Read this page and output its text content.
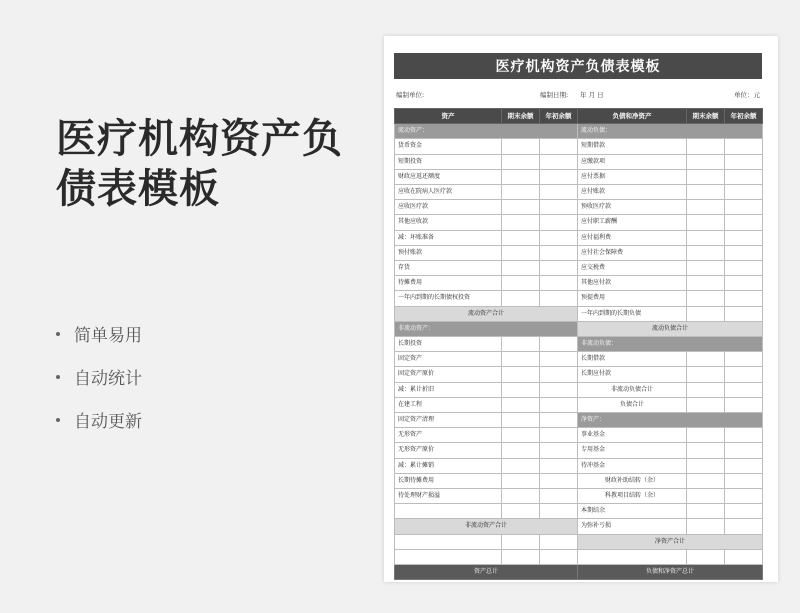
医疗机构资产负债表模板
简单易用
自动统计
自动更新
医疗机构资产负债表模板
编制单位:	编制日期: 年 月 日	单位：元
资产	期末余额	年初余额	负债和净资产	期末余额	年初余额
流动资产：			流动负债：		
货币资金			短期借款		
短期投资			应缴款项		
财政应返还额度			应付票据		
应收在院病人医疗款			应付账款		
应收医疗款			预收医疗款		
其他应收款			应付职工薪酬		
减：坏账准备			应付福利费		
预付账款			应付社会保障费		
存货			应交税费		
待摊费用			其他应付款		
一年内到期的长期债权投资			预提费用		
流动资产合计			一年内到期的长期负债		
非流动资产：			流动负债合计		
长期投资			非流动负债：		
固定资产			长期借款		
固定资产原价			长期应付款		
减：累计折旧			非流动负债合计		
在建工程			负债合计		
固定资产清理			净资产：		
无形资产			事业基金		
无形资产原价			专用基金		
减：累计摊销			待冲基金		
长期待摊费用			财政补助结转（余）		
待处理财产损溢			科教项目结转（余）		
			本期结余		
非流动资产合计			为弥补亏损		
			净资产合计		

资产总计			负债和净资产总计		
